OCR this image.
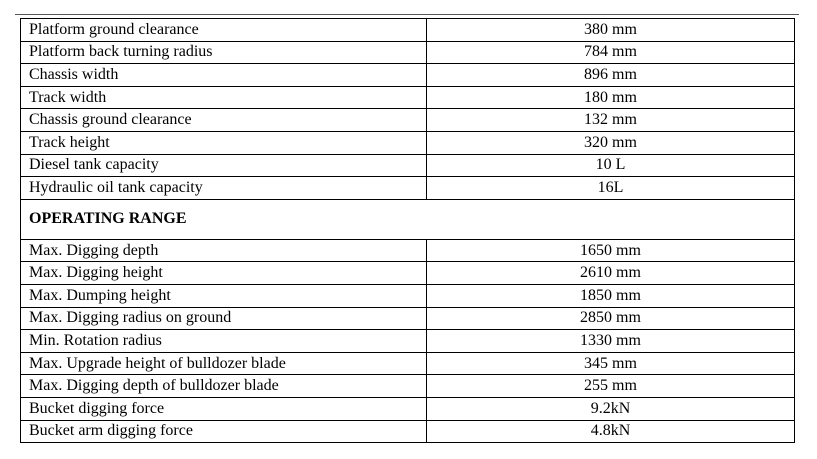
Platform ground clearance	380 mm
Platform back turning radius	784 mm
Chassis width	896 mm
Track width	180 mm
Chassis ground clearance	132 mm
Track height	320 mm
Diesel tank capacity	10 L
Hydraulic oil tank capacity	16L
OPERATING RANGE	
Max. Digging depth	1650 mm
Max. Digging height	2610 mm
Max. Dumping height	1850 mm
Max. Digging radius on ground	2850 mm
Min. Rotation radius	1330 mm
Max. Upgrade height of bulldozer blade	345 mm
Max. Digging depth of bulldozer blade	255 mm
Bucket digging force	9.2kN
Bucket arm digging force	4.8kN
